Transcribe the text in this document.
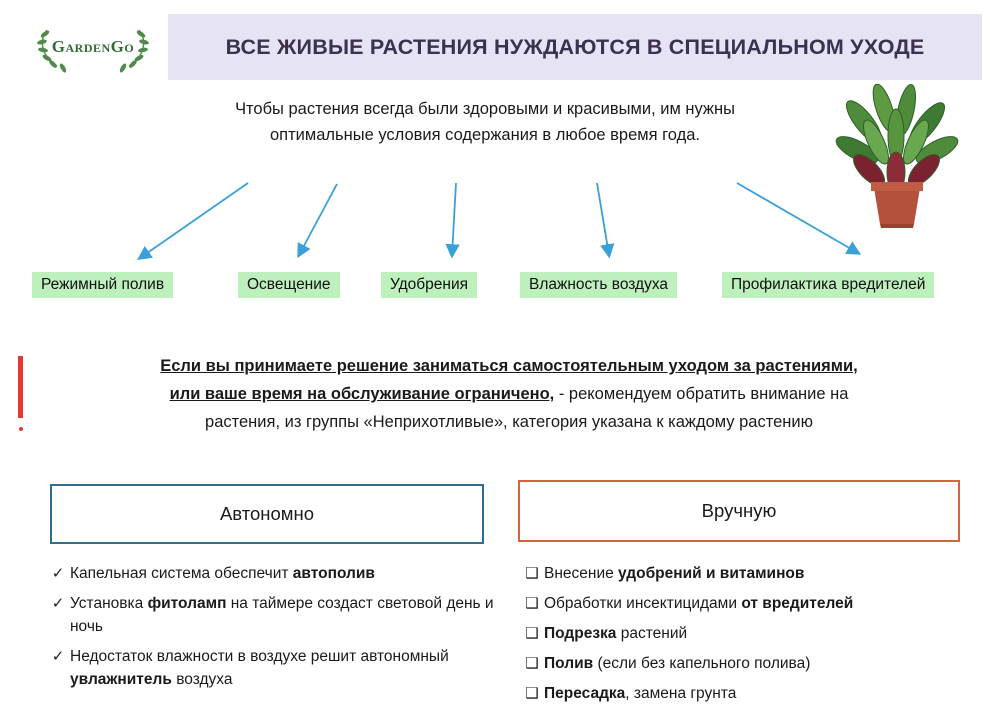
GardenGo	ВСЕ ЖИВЫЕ РАСТЕНИЯ НУЖДАЮТСЯ В СПЕЦИАЛЬНОМ УХОДЕ
Чтобы растения всегда были здоровыми и красивыми, им нужны
оптимальные условия содержания в любое время года.
Режимный полив	Освещение	Удобрения	Влажность воздуха	Профилактика вредителей
Если вы принимаете решение заниматься самостоятельным уходом за растениями,
или ваше время на обслуживание ограничено, - рекомендуем обратить внимание на
растения, из группы «Неприхотливые», категория указана к каждому растению
Автономно	Вручную
✓ Капельная система обеспечит автополив
✓ Установка фитоламп на таймере создаст световой день и ночь
✓ Недостаток влажности в воздухе решит автономный увлажнитель воздуха
❑ Внесение удобрений и витаминов
❑ Обработки инсектицидами от вредителей
❑ Подрезка растений
❑ Полив (если без капельного полива)
❑ Пересадка, замена грунта
